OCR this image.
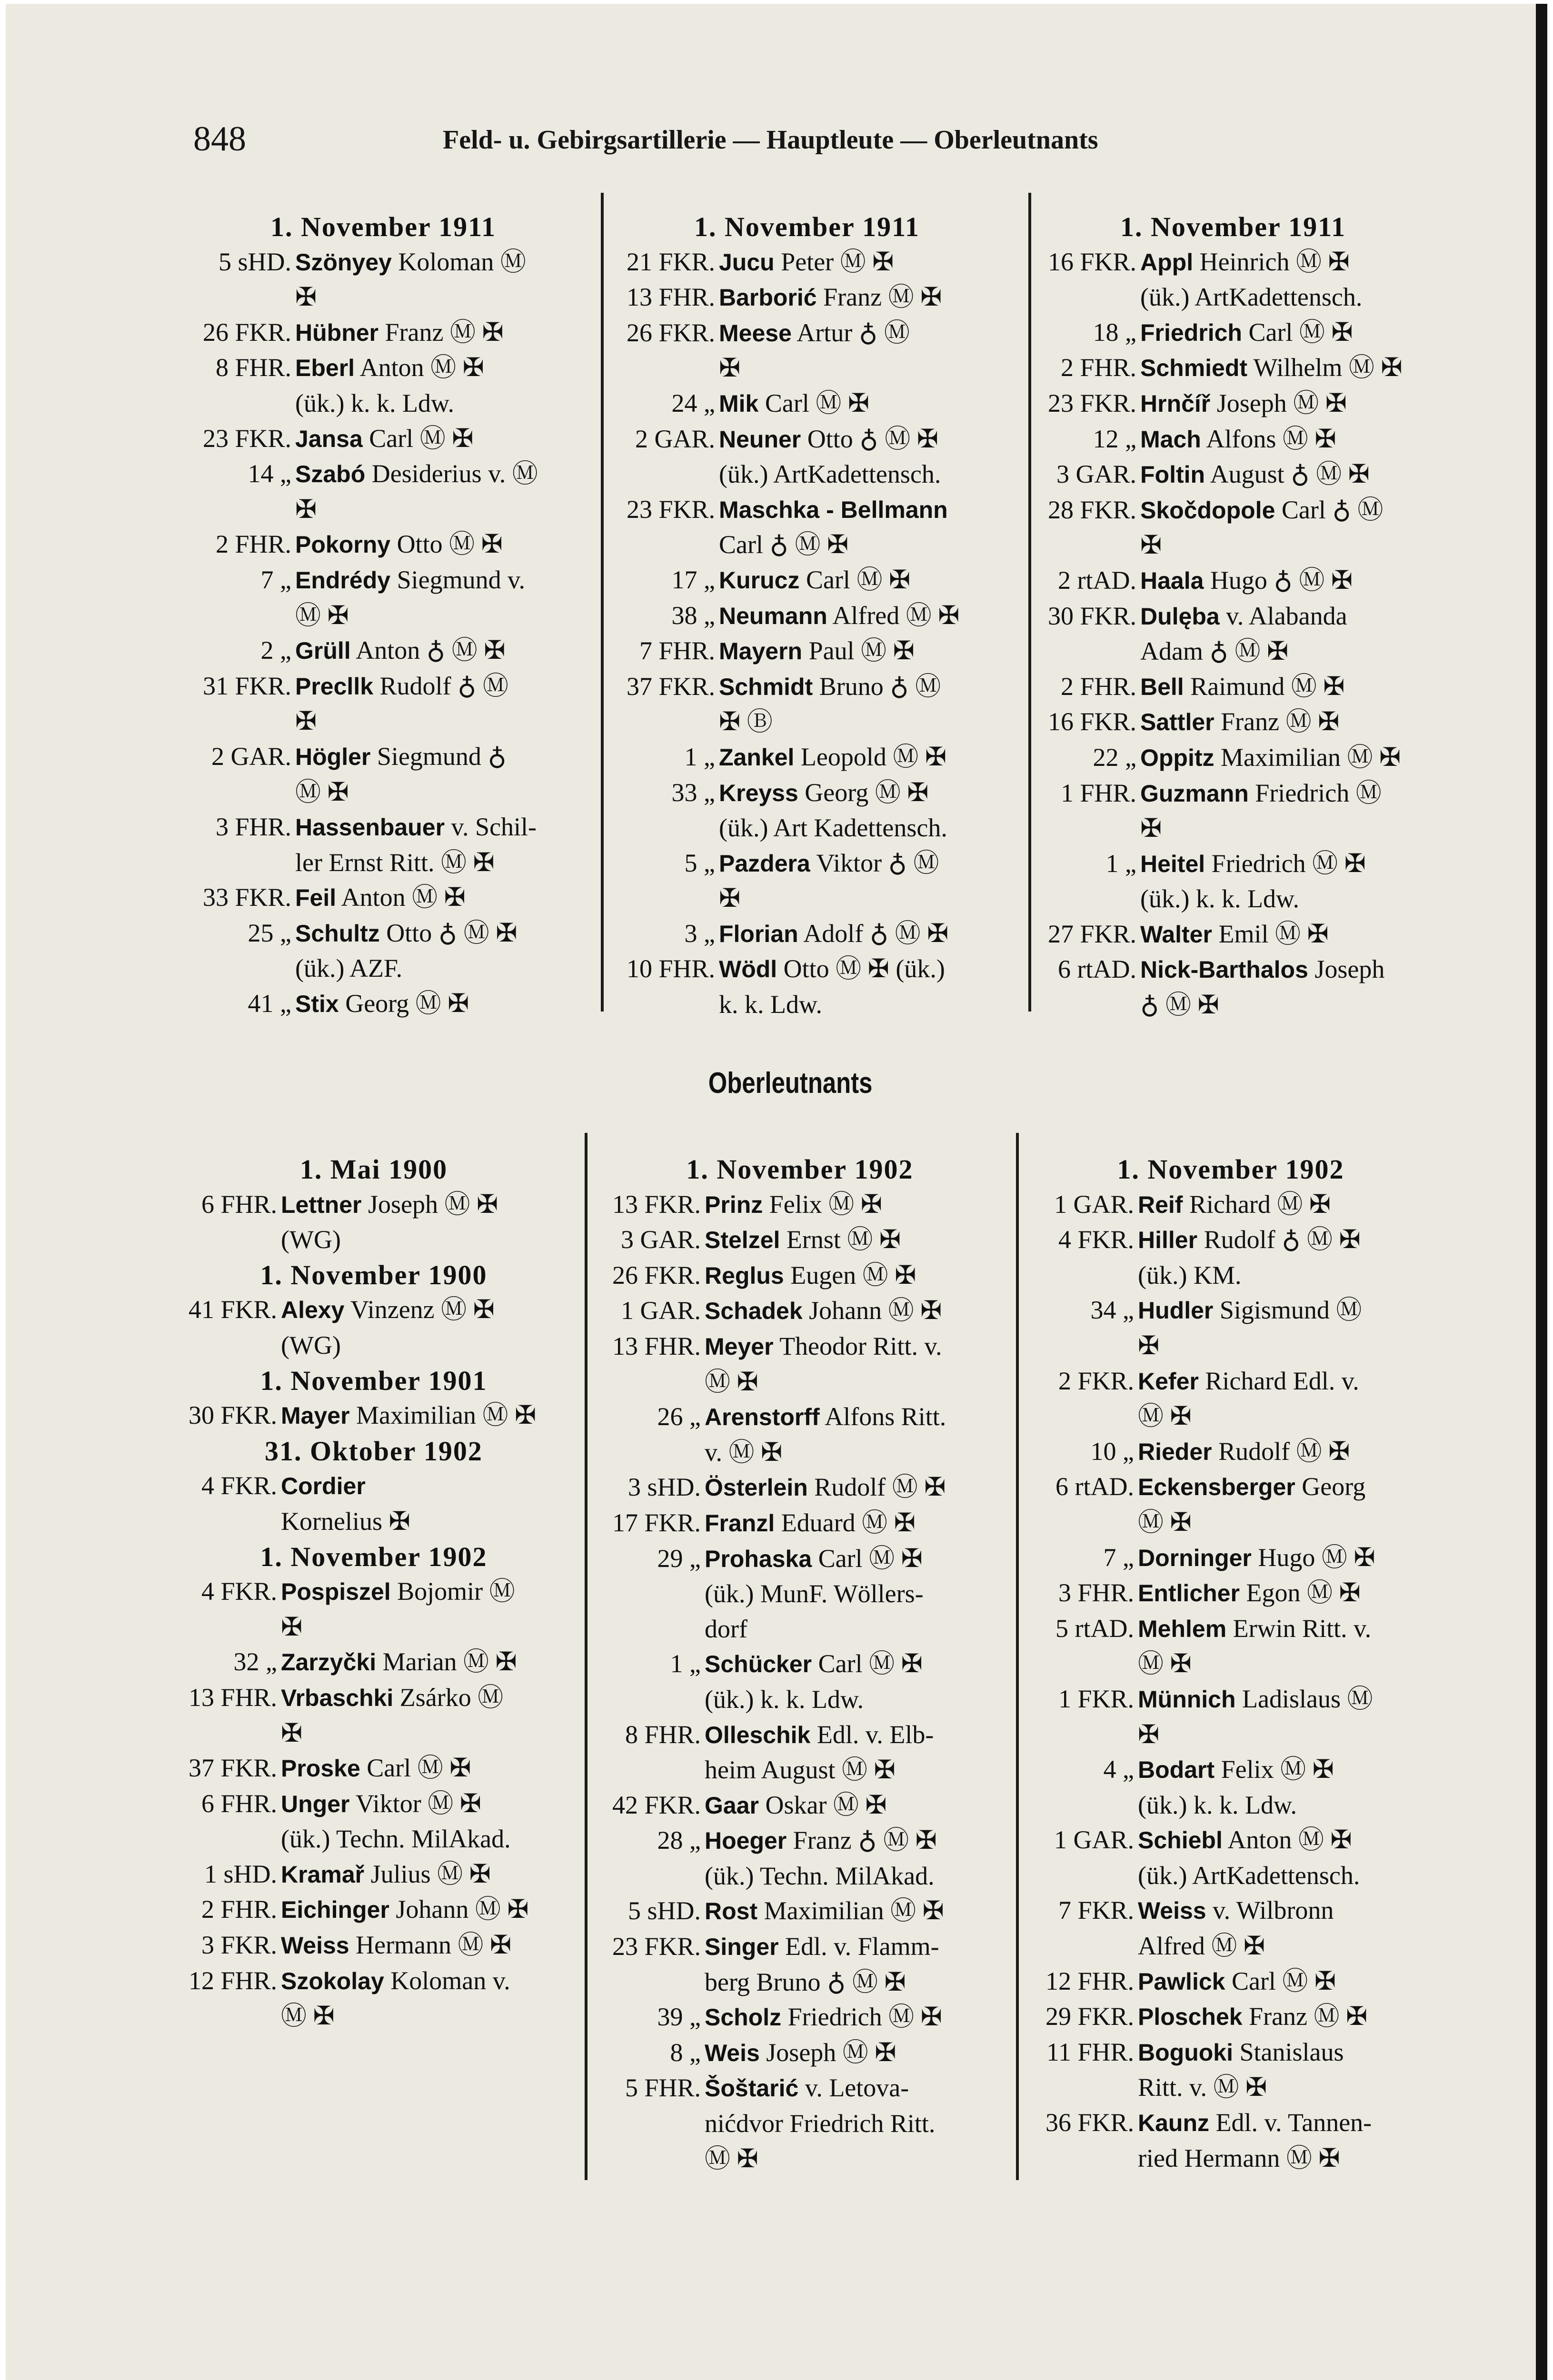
848	Feld- u. Gebirgsartillerie — Hauptleute — Oberleutnants
Oberleutnants
1. November 1911
5 sHD. Szönyey Koloman Ⓜ
✠
26 FKR. Hübner Franz Ⓜ ✠
8 FHR. Eberl Anton Ⓜ ✠
(ük.) k. k. Ldw.
23 FKR. Jansa Carl Ⓜ ✠
14 „ Szabó Desiderius v. Ⓜ
✠
2 FHR. Pokorny Otto Ⓜ ✠
7 „ Endrédy Siegmund v.
Ⓜ ✠
2 „ Grüll Anton ♁ Ⓜ ✠
31 FKR. Precllk Rudolf ♁ Ⓜ
✠
2 GAR. Högler Siegmund ♁
Ⓜ ✠
3 FHR. Hassenbauer v. Schil-
ler Ernst Ritt. Ⓜ ✠
33 FKR. Feil Anton Ⓜ ✠
25 „ Schultz Otto ♁ Ⓜ ✠
(ük.) AZF.
41 „ Stix Georg Ⓜ ✠
1. November 1911
21 FKR. Jucu Peter Ⓜ ✠
13 FHR. Barborić Franz Ⓜ ✠
26 FKR. Meese Artur ♁ Ⓜ
✠
24 „ Mik Carl Ⓜ ✠
2 GAR. Neuner Otto ♁ Ⓜ ✠
(ük.) ArtKadettensch.
23 FKR. Maschka - Bellmann
Carl ♁ Ⓜ ✠
17 „ Kurucz Carl Ⓜ ✠
38 „ Neumann Alfred Ⓜ ✠
7 FHR. Mayern Paul Ⓜ ✠
37 FKR. Schmidt Bruno ♁ Ⓜ
✠ Ⓑ
1 „ Zankel Leopold Ⓜ ✠
33 „ Kreyss Georg Ⓜ ✠
(ük.) Art Kadettensch.
5 „ Pazdera Viktor ♁ Ⓜ
✠
3 „ Florian Adolf ♁ Ⓜ ✠
10 FHR. Wödl Otto Ⓜ ✠ (ük.)
k. k. Ldw.
1. November 1911
16 FKR. Appl Heinrich Ⓜ ✠
(ük.) ArtKadettensch.
18 „ Friedrich Carl Ⓜ ✠
2 FHR. Schmiedt Wilhelm Ⓜ ✠
23 FKR. Hrnčíř Joseph Ⓜ ✠
12 „ Mach Alfons Ⓜ ✠
3 GAR. Foltin August ♁ Ⓜ ✠
28 FKR. Skočdopole Carl ♁ Ⓜ
✠
2 rtAD. Haala Hugo ♁ Ⓜ ✠
30 FKR. Dulęba v. Alabanda
Adam ♁ Ⓜ ✠
2 FHR. Bell Raimund Ⓜ ✠
16 FKR. Sattler Franz Ⓜ ✠
22 „ Oppitz Maximilian Ⓜ ✠
1 FHR. Guzmann Friedrich Ⓜ
✠
1 „ Heitel Friedrich Ⓜ ✠
(ük.) k. k. Ldw.
27 FKR. Walter Emil Ⓜ ✠
6 rtAD. Nick-Barthalos Joseph
♁ Ⓜ ✠
1. Mai 1900
6 FHR. Lettner Joseph Ⓜ ✠
(WG)
1. November 1900
41 FKR. Alexy Vinzenz Ⓜ ✠
(WG)
1. November 1901
30 FKR. Mayer Maximilian Ⓜ ✠
31. Oktober 1902
4 FKR. Cordier
Kornelius ✠
1. November 1902
4 FKR. Pospiszel Bojomir Ⓜ
✠
32 „ Zarzyčki Marian Ⓜ ✠
13 FHR. Vrbaschki Zsárko Ⓜ
✠
37 FKR. Proske Carl Ⓜ ✠
6 FHR. Unger Viktor Ⓜ ✠
(ük.) Techn. MilAkad.
1 sHD. Kramař Julius Ⓜ ✠
2 FHR. Eichinger Johann Ⓜ ✠
3 FKR. Weiss Hermann Ⓜ ✠
12 FHR. Szokolay Koloman v.
Ⓜ ✠
1. November 1902
13 FKR. Prinz Felix Ⓜ ✠
3 GAR. Stelzel Ernst Ⓜ ✠
26 FKR. Reglus Eugen Ⓜ ✠
1 GAR. Schadek Johann Ⓜ ✠
13 FHR. Meyer Theodor Ritt. v.
Ⓜ ✠
26 „ Arenstorff Alfons Ritt.
v. Ⓜ ✠
3 sHD. Österlein Rudolf Ⓜ ✠
17 FKR. Franzl Eduard Ⓜ ✠
29 „ Prohaska Carl Ⓜ ✠
(ük.) MunF. Wöllers-
dorf
1 „ Schücker Carl Ⓜ ✠
(ük.) k. k. Ldw.
8 FHR. Olleschik Edl. v. Elb-
heim August Ⓜ ✠
42 FKR. Gaar Oskar Ⓜ ✠
28 „ Hoeger Franz ♁ Ⓜ ✠
(ük.) Techn. MilAkad.
5 sHD. Rost Maximilian Ⓜ ✠
23 FKR. Singer Edl. v. Flamm-
berg Bruno ♁ Ⓜ ✠
39 „ Scholz Friedrich Ⓜ ✠
8 „ Weis Joseph Ⓜ ✠
5 FHR. Šoštarić v. Letova-
nićdvor Friedrich Ritt.
Ⓜ ✠
1. November 1902
1 GAR. Reif Richard Ⓜ ✠
4 FKR. Hiller Rudolf ♁ Ⓜ ✠
(ük.) KM.
34 „ Hudler Sigismund Ⓜ
✠
2 FKR. Kefer Richard Edl. v.
Ⓜ ✠
10 „ Rieder Rudolf Ⓜ ✠
6 rtAD. Eckensberger Georg
Ⓜ ✠
7 „ Dorninger Hugo Ⓜ ✠
3 FHR. Entlicher Egon Ⓜ ✠
5 rtAD. Mehlem Erwin Ritt. v.
Ⓜ ✠
1 FKR. Münnich Ladislaus Ⓜ
✠
4 „ Bodart Felix Ⓜ ✠
(ük.) k. k. Ldw.
1 GAR. Schiebl Anton Ⓜ ✠
(ük.) ArtKadettensch.
7 FKR. Weiss v. Wilbronn
Alfred Ⓜ ✠
12 FHR. Pawlick Carl Ⓜ ✠
29 FKR. Ploschek Franz Ⓜ ✠
11 FHR. Boguoki Stanislaus
Ritt. v. Ⓜ ✠
36 FKR. Kaunz Edl. v. Tannen-
ried Hermann Ⓜ ✠
